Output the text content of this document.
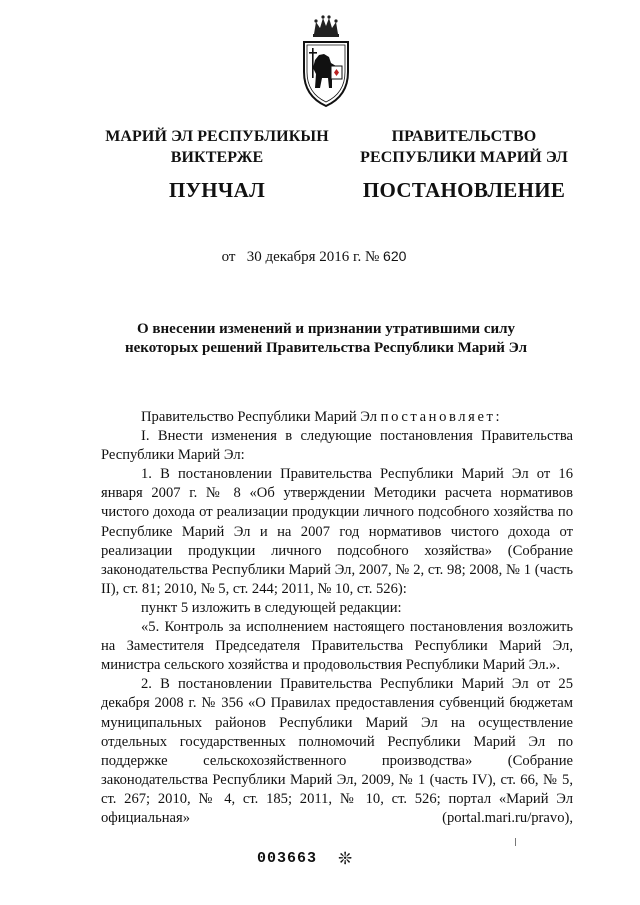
МАРИЙ ЭЛ РЕСПУБЛИКЫН
ВИКТЕРЖЕ
ПУНЧАЛ
ПРАВИТЕЛЬСТВО
РЕСПУБЛИКИ МАРИЙ ЭЛ
ПОСТАНОВЛЕНИЕ
от 30 декабря 2016 г. № 620
О внесении изменений и признании утратившими силу
некоторых решений Правительства Республики Марий Эл

Правительство Республики Марий Эл постановляет:

I. Внести изменения в следующие постановления Правительства Республики Марий Эл:

1. В постановлении Правительства Республики Марий Эл от 16 января 2007 г. № 8 «Об утверждении Методики расчета нормативов чистого дохода от реализации продукции личного подсобного хозяйства по Республике Марий Эл и на 2007 год нормативов чистого дохода от реализации продукции личного подсобного хозяйства» (Собрание законодательства Республики Марий Эл, 2007, № 2, ст. 98; 2008, № 1 (часть II), ст. 81; 2010, № 5, ст. 244; 2011, № 10, ст. 526):

пункт 5 изложить в следующей редакции:

«5. Контроль за исполнением настоящего постановления возложить на Заместителя Председателя Правительства Республики Марий Эл, министра сельского хозяйства и продовольствия Республики Марий Эл.».

2. В постановлении Правительства Республики Марий Эл от 25 декабря 2008 г. № 356 «О Правилах предоставления субвенций бюджетам муниципальных районов Республики Марий Эл на осуществление отдельных государственных полномочий Республики Марий Эл по поддержке сельскохозяйственного производства» (Собрание законодательства Республики Марий Эл, 2009, № 1 (часть IV), ст. 66, № 5, ст. 267; 2010, № 4, ст. 185; 2011, № 10, ст. 526; портал «Марий Эл официальная» (portal.mari.ru/pravo),

003663 ❊
